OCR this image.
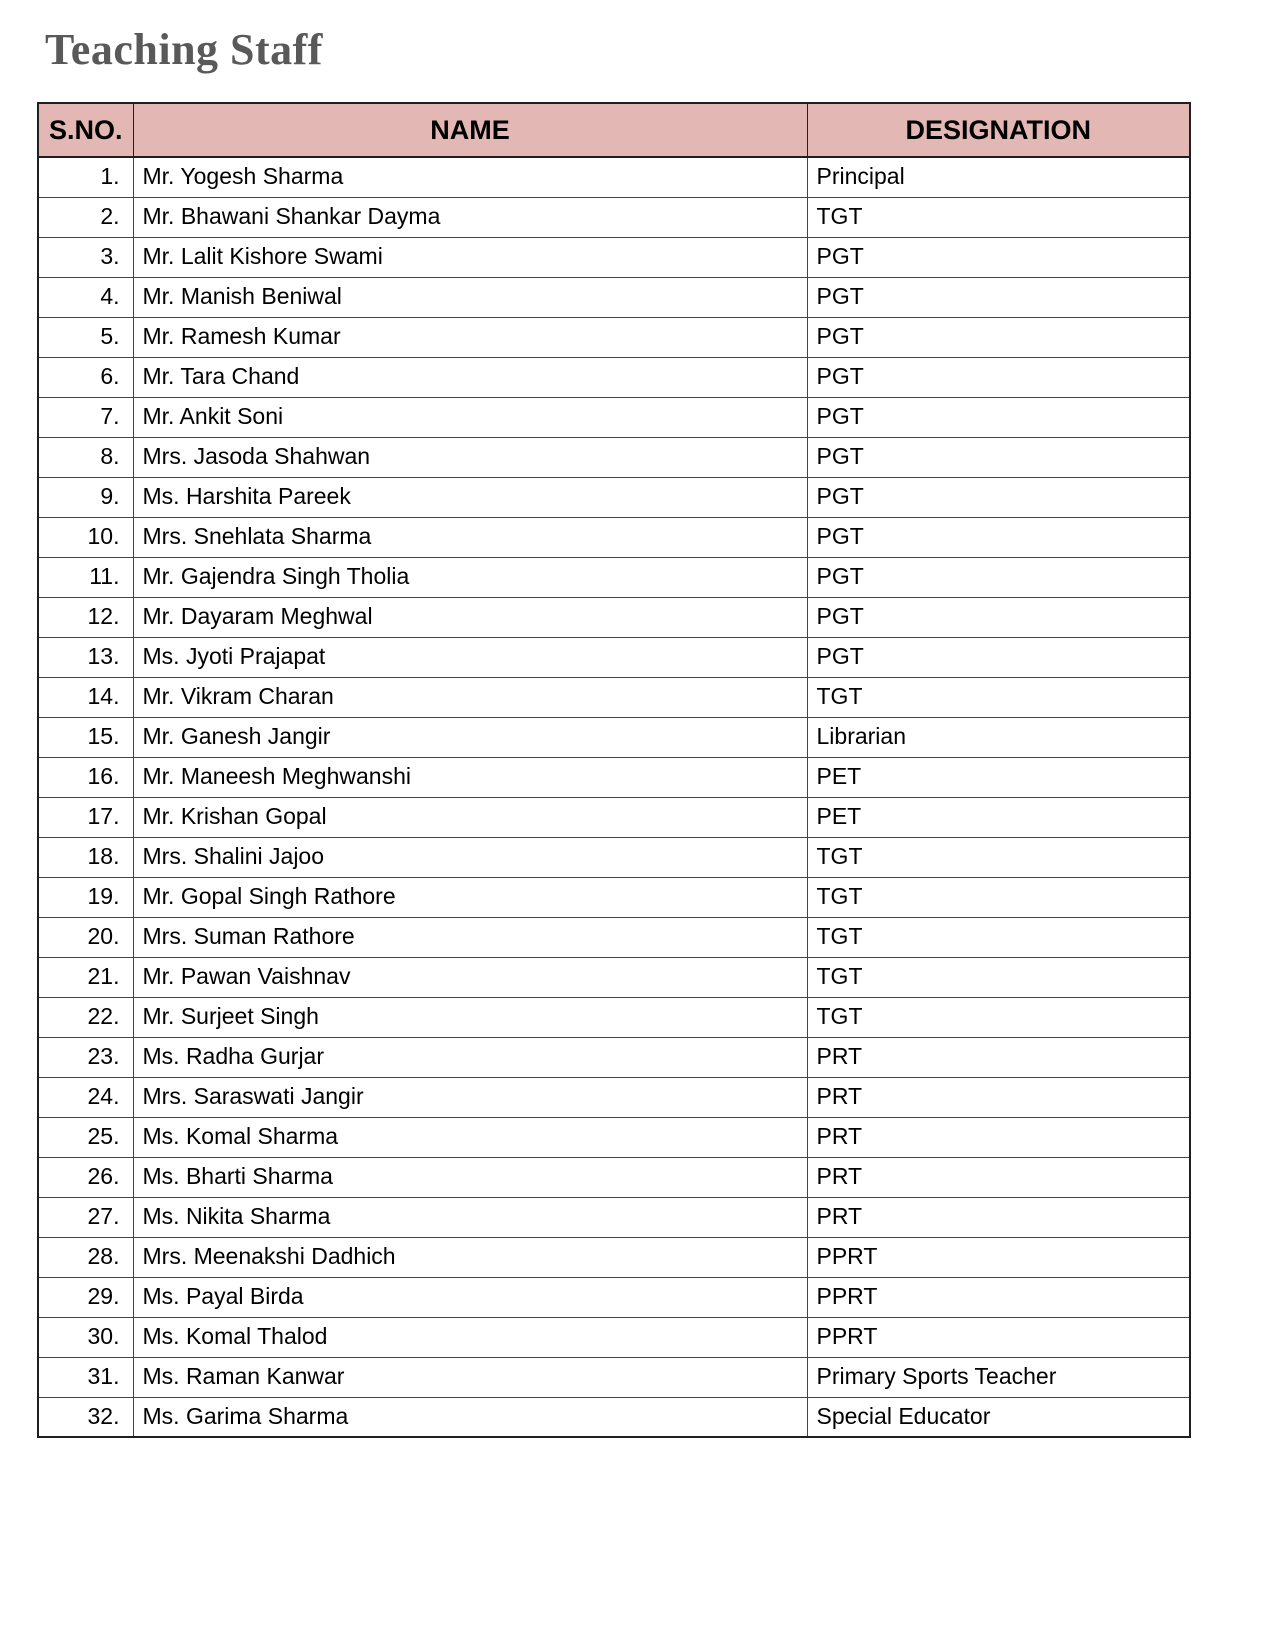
Teaching Staff
S.NO.	NAME	DESIGNATION
1.	Mr. Yogesh Sharma	Principal
2.	Mr. Bhawani Shankar Dayma	TGT
3.	Mr. Lalit Kishore Swami	PGT
4.	Mr. Manish Beniwal	PGT
5.	Mr. Ramesh Kumar	PGT
6.	Mr. Tara Chand	PGT
7.	Mr. Ankit Soni	PGT
8.	Mrs. Jasoda Shahwan	PGT
9.	Ms. Harshita Pareek	PGT
10.	Mrs. Snehlata Sharma	PGT
11.	Mr. Gajendra Singh Tholia	PGT
12.	Mr. Dayaram Meghwal	PGT
13.	Ms. Jyoti Prajapat	PGT
14.	Mr. Vikram Charan	TGT
15.	Mr. Ganesh Jangir	Librarian
16.	Mr. Maneesh Meghwanshi	PET
17.	Mr. Krishan Gopal	PET
18.	Mrs. Shalini Jajoo	TGT
19.	Mr. Gopal Singh Rathore	TGT
20.	Mrs. Suman Rathore	TGT
21.	Mr. Pawan Vaishnav	TGT
22.	Mr. Surjeet Singh	TGT
23.	Ms. Radha Gurjar	PRT
24.	Mrs. Saraswati Jangir	PRT
25.	Ms. Komal Sharma	PRT
26.	Ms. Bharti Sharma	PRT
27.	Ms. Nikita Sharma	PRT
28.	Mrs. Meenakshi Dadhich	PPRT
29.	Ms. Payal Birda	PPRT
30.	Ms. Komal Thalod	PPRT
31.	Ms. Raman Kanwar	Primary Sports Teacher
32.	Ms. Garima Sharma	Special Educator
